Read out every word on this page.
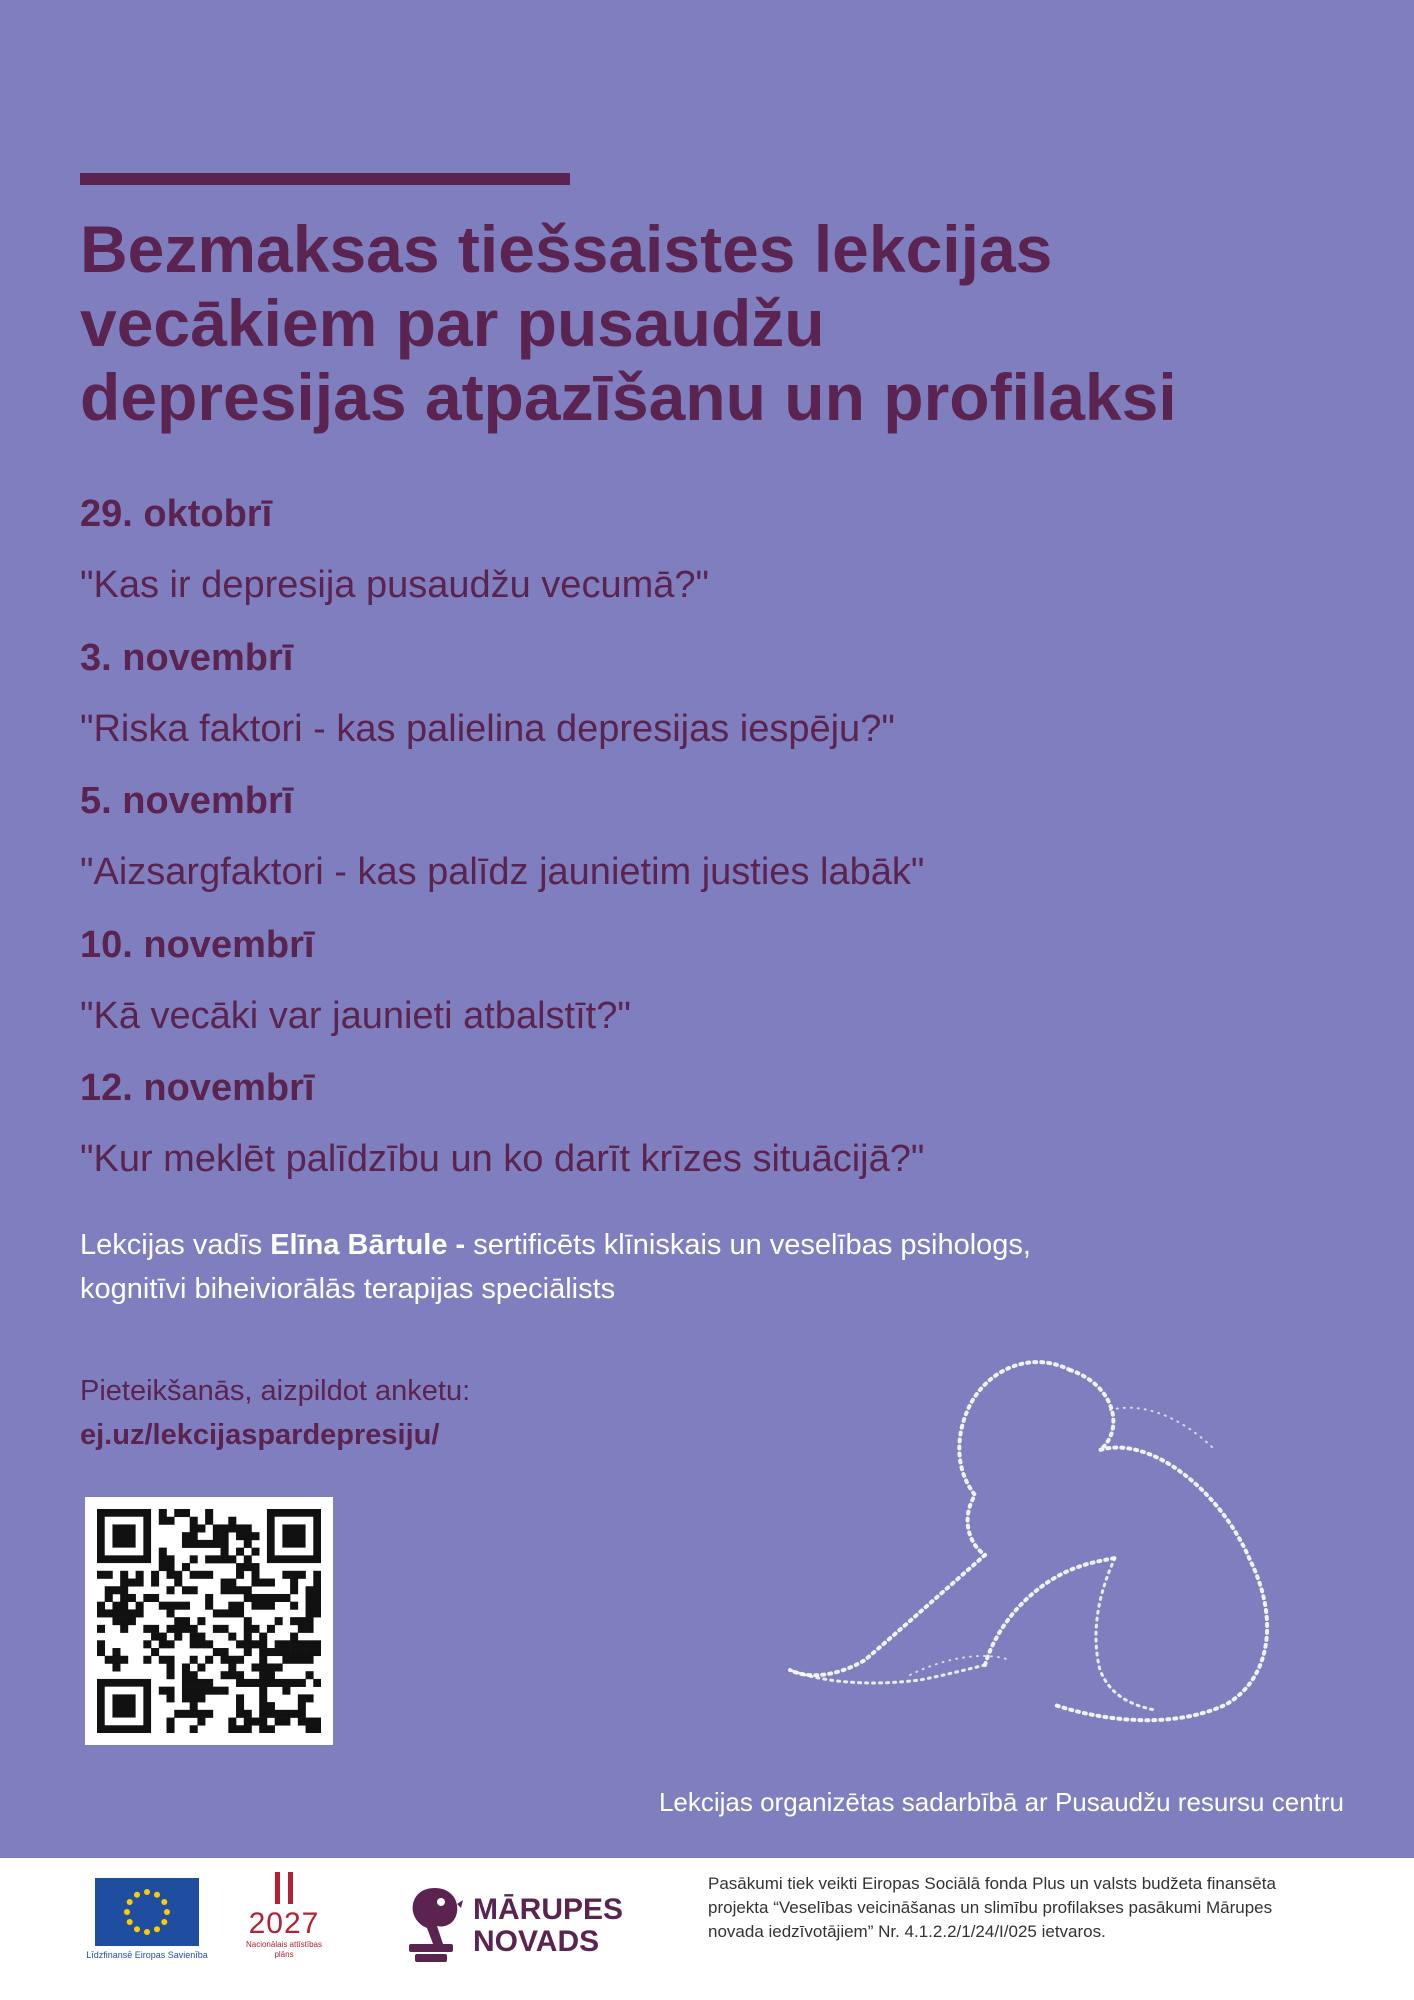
Bezmaksas tiešsaistes lekcijas
vecākiem par pusaudžu
depresijas atpazīšanu un profilaksi
29. oktobrī
"Kas ir depresija pusaudžu vecumā?"
3. novembrī
"Riska faktori - kas palielina depresijas iespēju?"
5. novembrī
"Aizsargfaktori - kas palīdz jaunietim justies labāk"
10. novembrī
"Kā vecāki var jaunieti atbalstīt?"
12. novembrī
"Kur meklēt palīdzību un ko darīt krīzes situācijā?"
Lekcijas vadīs Elīna Bārtule - sertificēts klīniskais un veselības psihologs,
kognitīvi biheiviorālās terapijas speciālists
Pieteikšanās, aizpildot anketu:
ej.uz/lekcijaspardepresiju/
Lekcijas organizētas sadarbībā ar Pusaudžu resursu centru
Līdzfinansē Eiropas Savienība
2027
Nacionālais attīstības plāns
MĀRUPES
NOVADS
Pasākumi tiek veikti Eiropas Sociālā fonda Plus un valsts budžeta finansēta projekta “Veselības veicināšanas un slimību profilakses pasākumi Mārupes novada iedzīvotājiem” Nr. 4.1.2.2/1/24/I/025 ietvaros.
